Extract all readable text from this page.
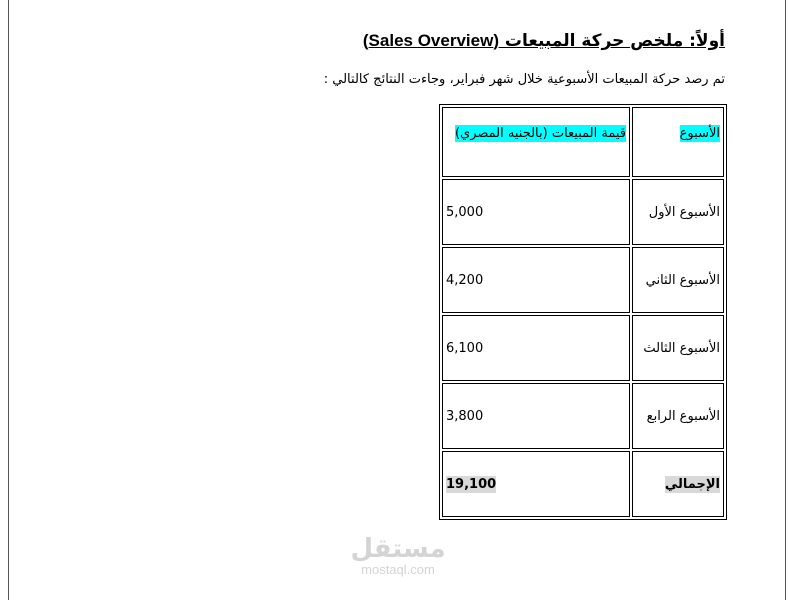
أولاً: ملخص حركة المبيعات (Sales Overview)
تم رصد حركة المبيعات الأسبوعية خلال شهر فبراير، وجاءت النتائج كالتالي :
الأسبوع	قيمة المبيعات (بالجنيه المصري)
الأسبوع الأول	5,000
الأسبوع الثاني	4,200
الأسبوع الثالث	6,100
الأسبوع الرابع	3,800
الإجمالي	19,100
مستقل
mostaql.com
